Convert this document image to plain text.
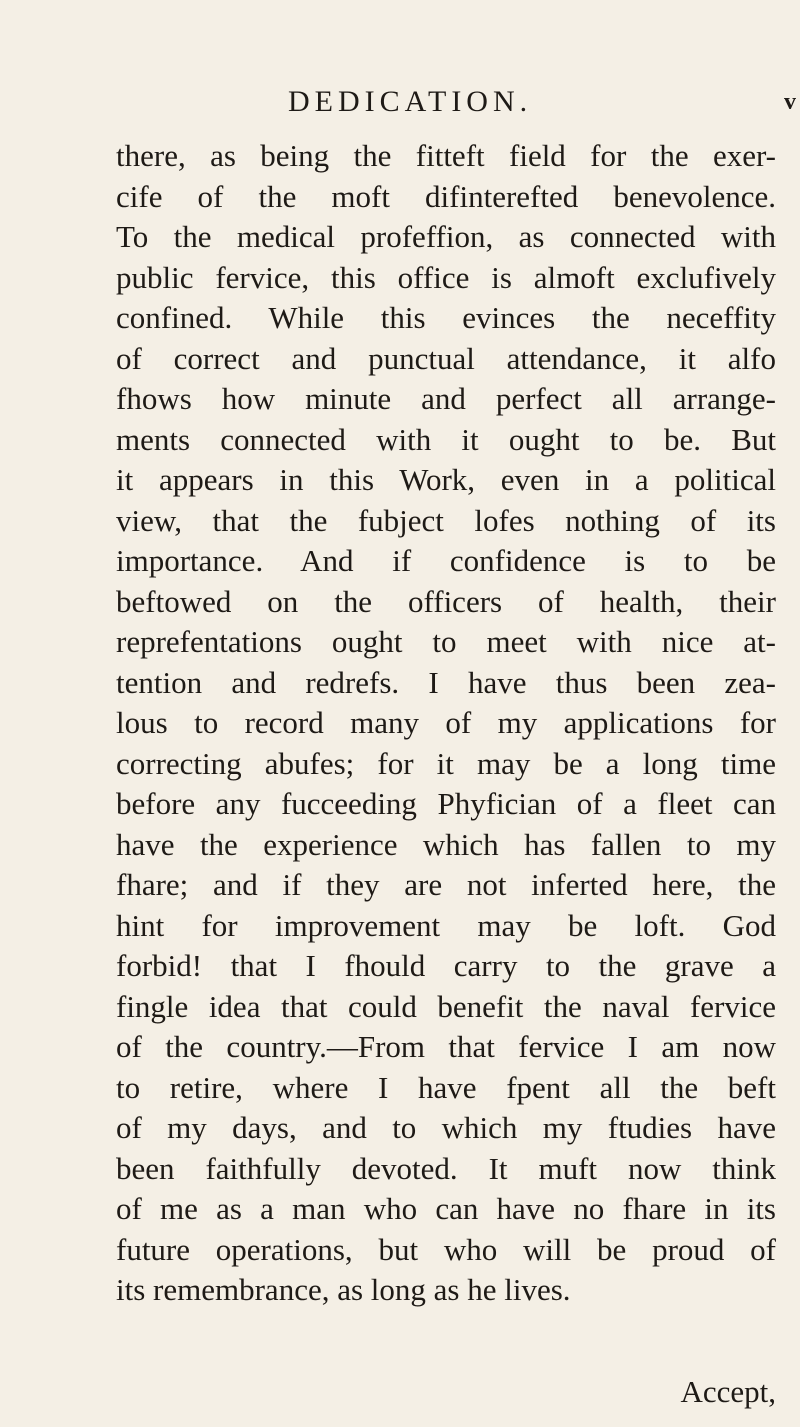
DEDICATION.	v
there, as being the fitteft field for the exer-
cife of the moft difinterefted benevolence.
To the medical profeffion, as connected with
public fervice, this office is almoft exclufively
confined. While this evinces the neceffity
of correct and punctual attendance, it alfo
fhows how minute and perfect all arrange-
ments connected with it ought to be. But
it appears in this Work, even in a political
view, that the fubject lofes nothing of its
importance. And if confidence is to be
beftowed on the officers of health, their
reprefentations ought to meet with nice at-
tention and redrefs. I have thus been zea-
lous to record many of my applications for
correcting abufes; for it may be a long time
before any fucceeding Phyfician of a fleet can
have the experience which has fallen to my
fhare; and if they are not inferted here, the
hint for improvement may be loft. God
forbid! that I fhould carry to the grave a
fingle idea that could benefit the naval fervice
of the country.—From that fervice I am now
to retire, where I have fpent all the beft
of my days, and to which my ftudies have
been faithfully devoted. It muft now think
of me as a man who can have no fhare in its
future operations, but who will be proud of
its remembrance, as long as he lives.
Accept,
